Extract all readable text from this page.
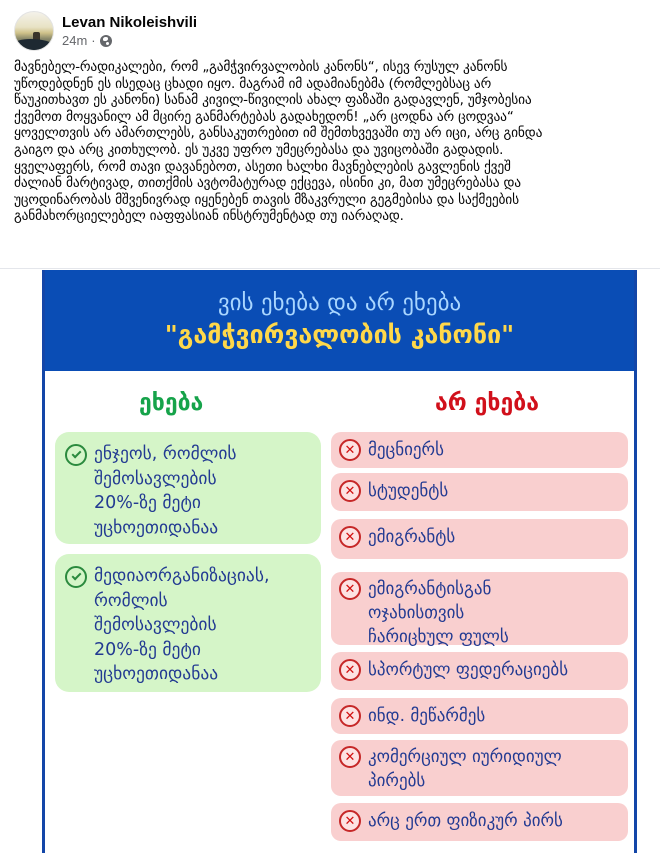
Levan Nikoleishvili
24m ·
მავნებელ-რადიკალები, რომ „გამჭვირვალობის კანონს“, ისევ რუსულ კანონს
უწოდებდნენ ეს ისედაც ცხადი იყო. მაგრამ იმ ადამიანებმა (რომლებსაც არ
წაუკითხავთ ეს კანონი) სანამ კივილ-წივილის ახალ ფაზაში გადავლენ, უმჯობესია
ქვემოთ მოყვანილ ამ მცირე განმარტებას გადახედონ! „არ ცოდნა არ ცოდვაა“
ყოველთვის არ ამართლებს, განსაკუთრებით იმ შემთხვევაში თუ არ იცი, არც გინდა
გაიგო და არც კითხულობ. ეს უკვე უფრო უმეცრებასა და უვიცობაში გადადის.
ყველაფერს, რომ თავი დავანებოთ, ასეთი ხალხი მავნებლების გავლენის ქვეშ
ძალიან მარტივად, თითქმის ავტომატურად ექცევა, ისინი კი, მათ უმეცრებასა და
უცოდინარობას მშვენივრად იყენებენ თავის მზაკვრული გეგმებისა და საქმეების
განმახორციელებელ იაფფასიან ინსტრუმენტად თუ იარაღად.
ვის ეხება და არ ეხება
"გამჭვირვალობის კანონი"
ეხება	არ ეხება
ენჯეოს, რომლის
შემოსავლების
20%-ზე მეტი
უცხოეთიდანაა
მედიაორგანიზაციას,
რომლის
შემოსავლების
20%-ზე მეტი
უცხოეთიდანაა
✕ მეცნიერს
✕ სტუდენტს
✕ ემიგრანტს
✕ ემიგრანტისგან
ოჯახისთვის
ჩარიცხულ ფულს
✕ სპორტულ ფედერაციებს
✕ ინდ. მეწარმეს
✕ კომერციულ იურიდიულ
პირებს
✕ არც ერთ ფიზიკურ პირს
